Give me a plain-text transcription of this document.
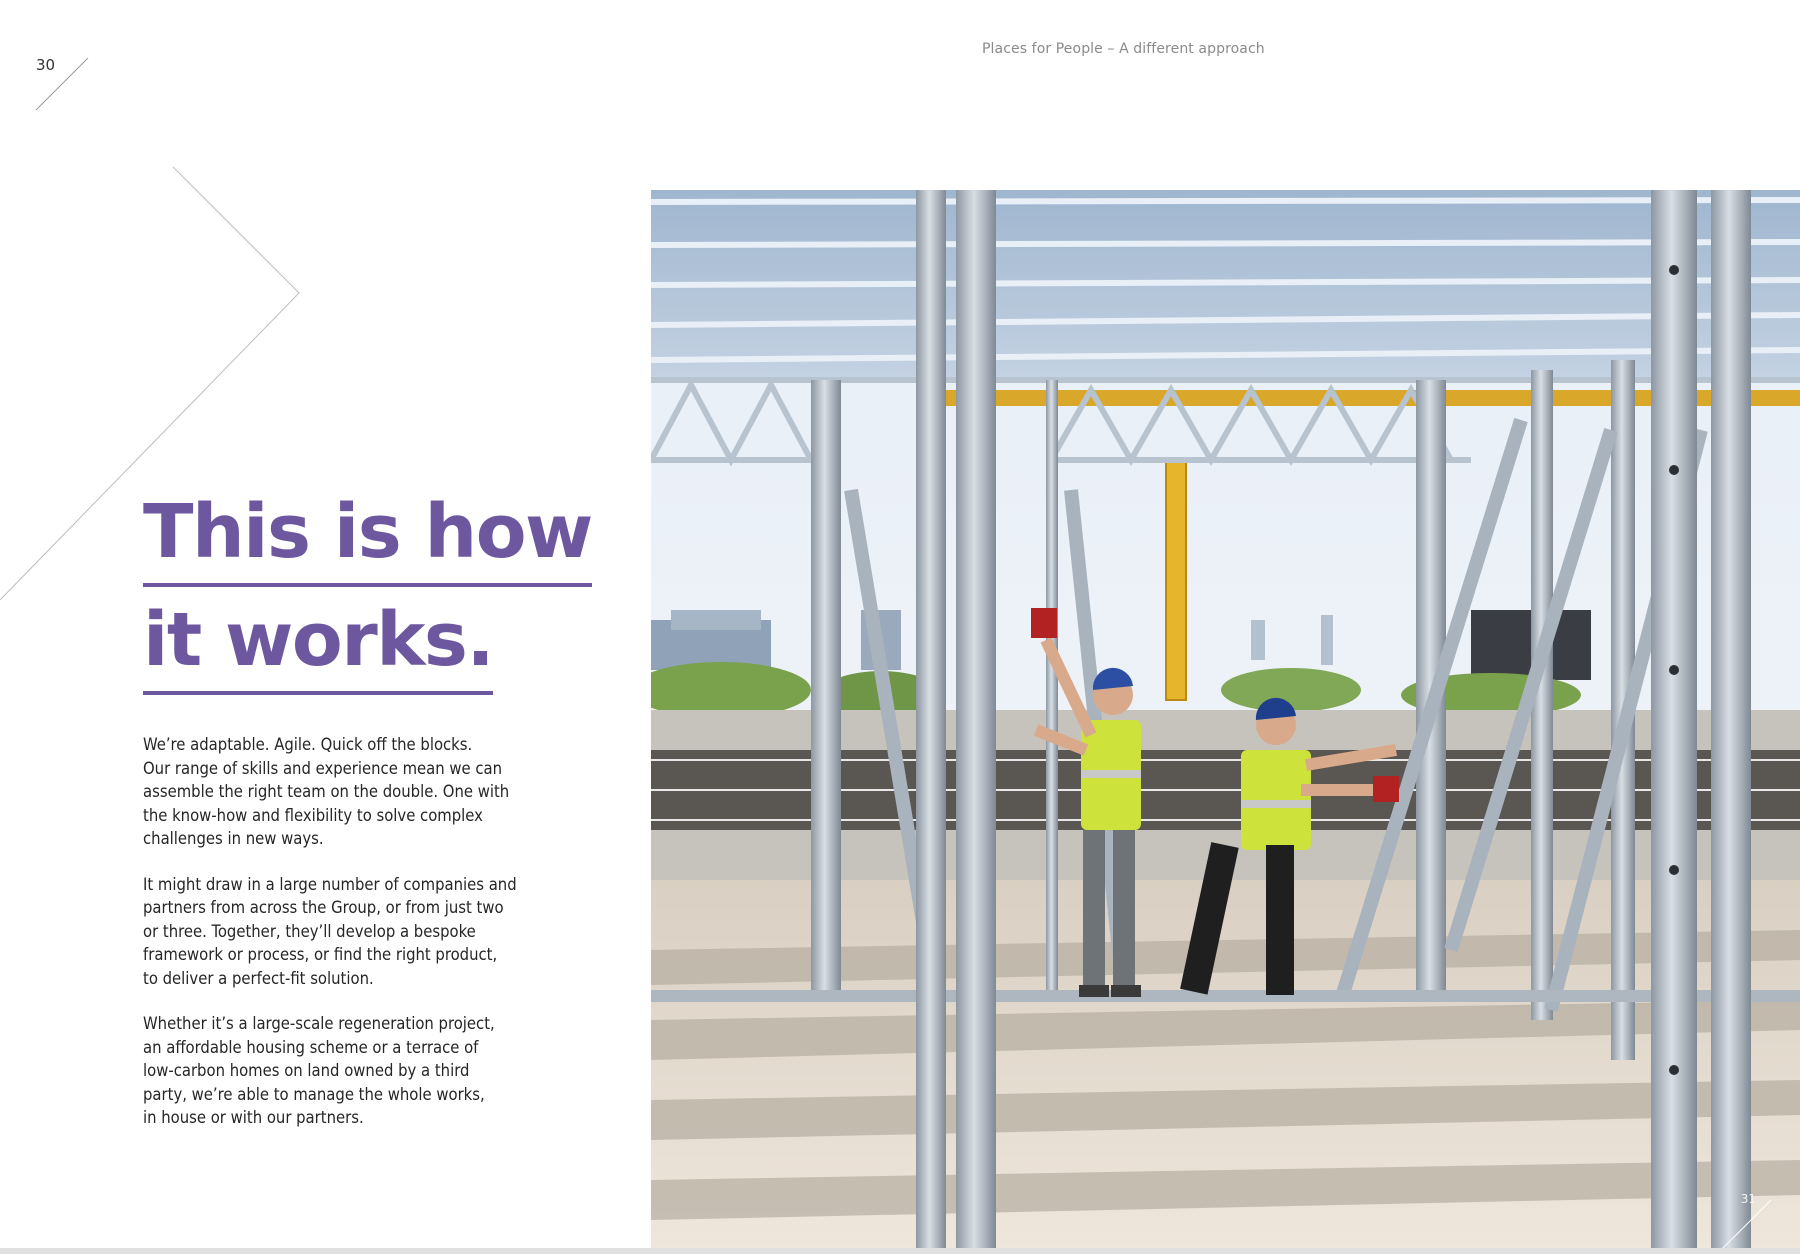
30
Places for People – A different approach
This is how
it works.

We’re adaptable. Agile. Quick off the blocks.
Our range of skills and experience mean we can
assemble the right team on the double. One with
the know-how and flexibility to solve complex
challenges in new ways.

It might draw in a large number of companies and
partners from across the Group, or from just two
or three. Together, they’ll develop a bespoke
framework or process, or find the right product,
to deliver a perfect-fit solution.

Whether it’s a large-scale regeneration project,
an affordable housing scheme or a terrace of
low-carbon homes on land owned by a third
party, we’re able to manage the whole works,
in house or with our partners.

31
